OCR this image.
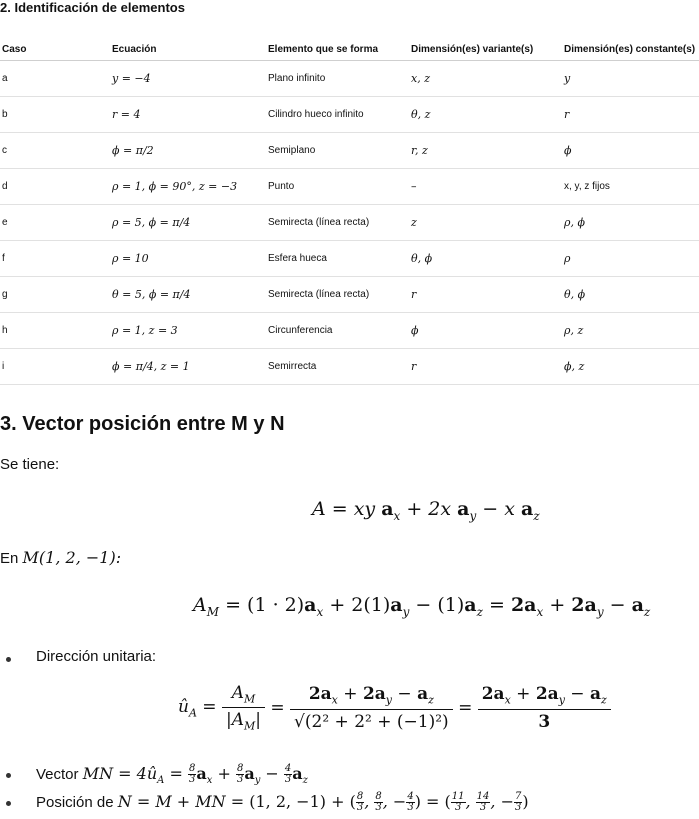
2. Identificación de elementos
Caso	Ecuación	Elemento que se forma	Dimensión(es) variante(s)	Dimensión(es) constante(s)
a	y = −4	Plano infinito	x, z	y
b	r = 4	Cilindro hueco infinito	θ, z	r
c	ϕ = π/2	Semiplano	r, z	ϕ
d	ρ = 1, ϕ = 90°, z = −3	Punto	–	x, y, z fijos
e	ρ = 5, ϕ = π/4	Semirecta (línea recta)	z	ρ, ϕ
f	ρ = 10	Esfera hueca	θ, ϕ	ρ
g	θ = 5, ϕ = π/4	Semirecta (línea recta)	r	θ, ϕ
h	ρ = 1, z = 3	Circunferencia	ϕ	ρ, z
i	ϕ = π/4, z = 1	Semirrecta	r	ϕ, z
3. Vector posición entre M y N
Se tiene:
A = xy $a_x + 2x$ $a_y - x$ $a_z$
En M(1, 2, −1):
$A_M = (1 \cdot 2)a_x + 2(1)a_y - (1)a_z = 2a_x + 2a_y - a_z$
Dirección unitaria:
$û_A = \frac{A_M}{|A_M|} = \frac{2a_x + 2a_y - a_z}{\text{√(2² + 2² + (−1)²)}} = \frac{2a_x + 2a_y - a_z}{3}$
Vector MN = $4û_A = \frac{8}{3} a_x + \frac{8}{3} a_y - \frac{4}{3} a_z$
Posición de N = M + MN = (1, 2, −1) + ( $\frac{8}{3}$ , $\frac{8}{3}$ , − $\frac{4}{3}$ ) = ( $\frac{11}{3}$ , $\frac{14}{3}$ , − $\frac{7}{3}$ )
